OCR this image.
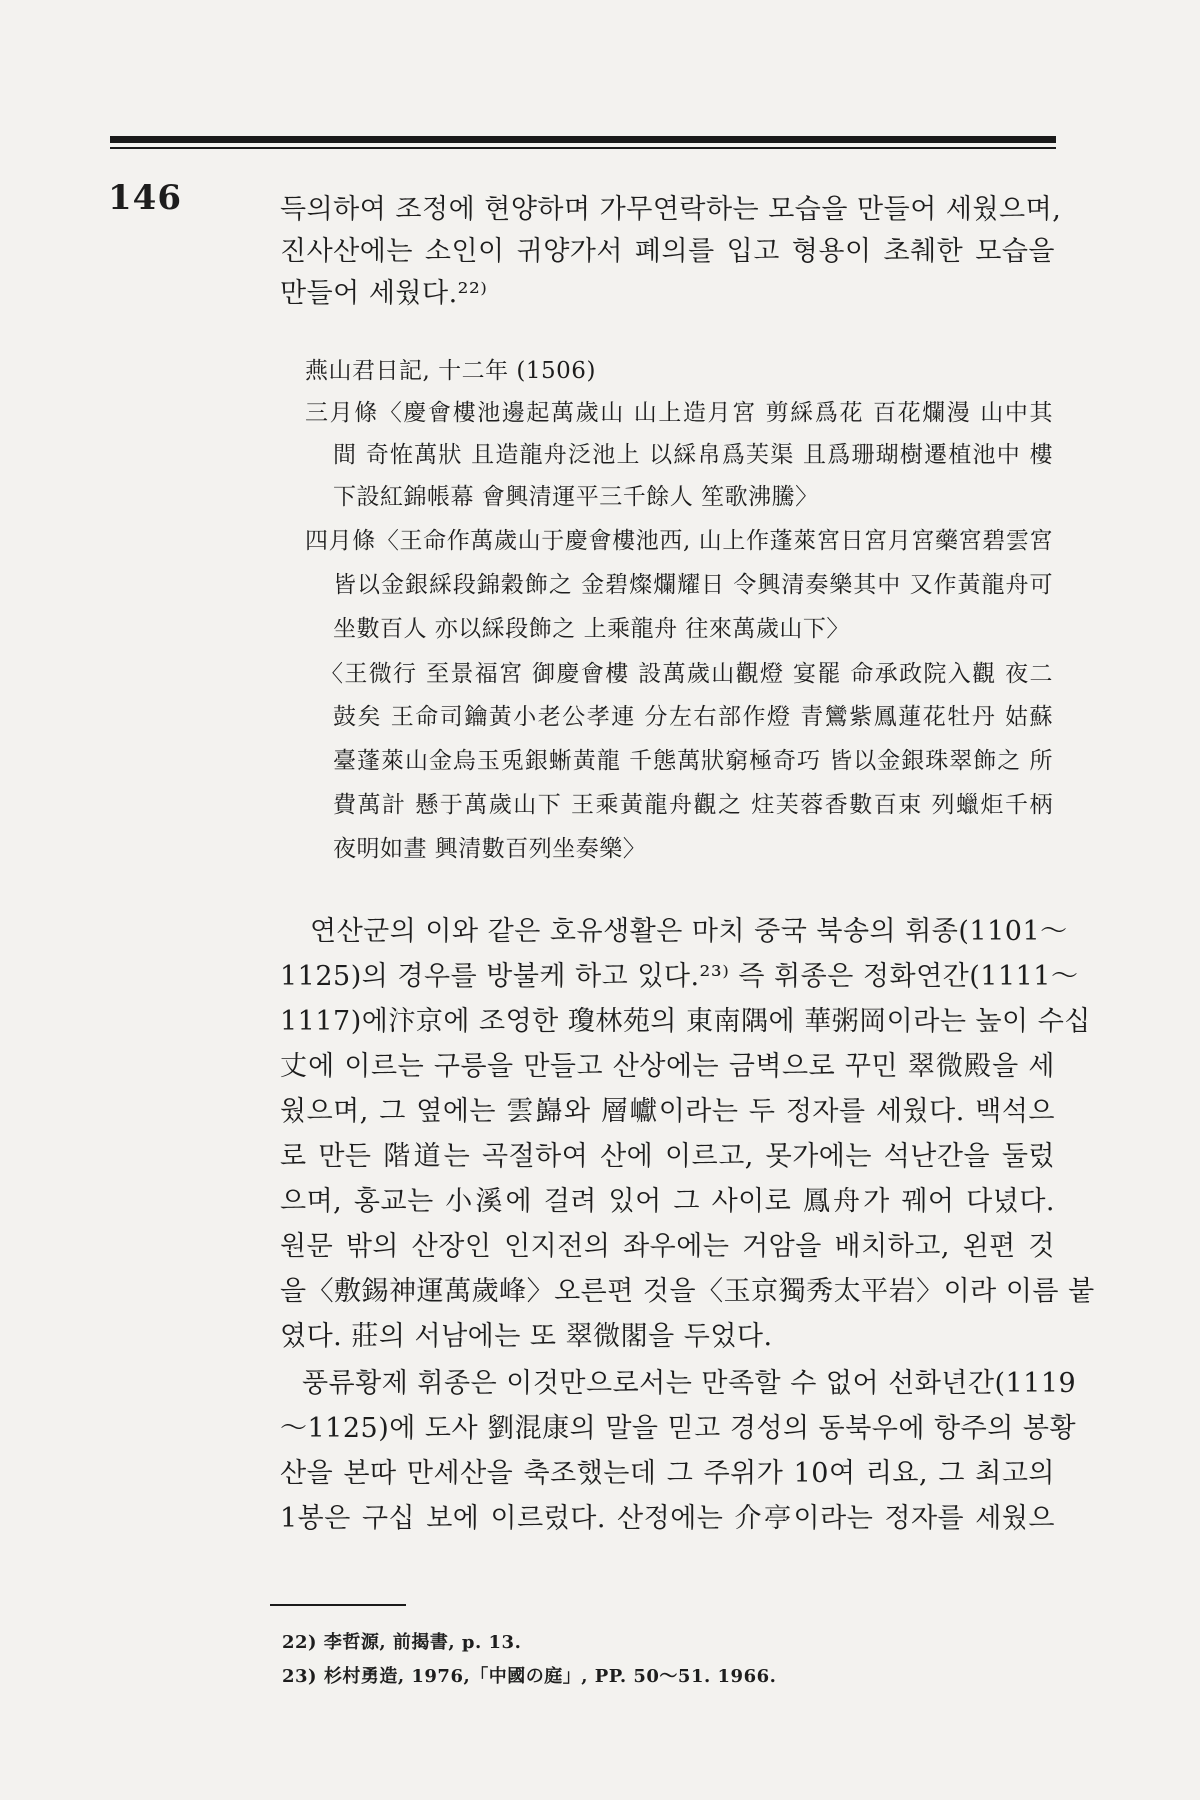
146	득의하여 조정에 현양하며 가무연락하는 모습을 만들어 세웠으며,
진사산에는 소인이 귀양가서 폐의를 입고 형용이 초췌한 모습을
만들어 세웠다.²²⁾
燕山君日記, 十二年 (1506)
三月條〈慶會樓池邊起萬歲山 山上造月宮 剪綵爲花 百花爛漫 山中其
間 奇恠萬狀 且造龍舟泛池上 以綵帛爲芙渠 且爲珊瑚樹遷植池中 樓
下設紅錦帳幕 會興清運平三千餘人 笙歌沸騰〉
四月條〈王命作萬歲山于慶會樓池西, 山上作蓬萊宮日宮月宮藥宮碧雲宮
皆以金銀綵段錦穀飾之 金碧燦爛耀日 令興清奏樂其中 又作黃龍舟可
坐數百人 亦以綵段飾之 上乘龍舟 往來萬歲山下〉
〈王微行 至景福宮 御慶會樓 設萬歲山觀燈 宴罷 命承政院入觀 夜二
鼓矣 王命司鑰黃小老公孝連 分左右部作燈 青鸞紫鳳蓮花牡丹 姑蘇
臺蓬萊山金烏玉兎銀蜥黃龍 千態萬狀窮極奇巧 皆以金銀珠翠飾之 所
費萬計 懸于萬歲山下 王乘黃龍舟觀之 炷芙蓉香數百束 列蠟炬千柄
夜明如晝 興清數百列坐奏樂〉
연산군의 이와 같은 호유생활은 마치 중국 북송의 휘종(1101～
1125)의 경우를 방불케 하고 있다.²³⁾ 즉 휘종은 정화연간(1111～
1117)에汴京에 조영한 瓊林苑의 東南隅에 華粥岡이라는 높이 수십
丈에 이르는 구릉을 만들고 산상에는 금벽으로 꾸민 翠微殿을 세
웠으며, 그 옆에는 雲巋와 層巘이라는 두 정자를 세웠다. 백석으
로 만든 階道는 곡절하여 산에 이르고, 못가에는 석난간을 둘렀
으며, 홍교는 小溪에 걸려 있어 그 사이로 鳳舟가 꿰어 다녔다.
원문 밖의 산장인 인지전의 좌우에는 거암을 배치하고, 왼편 것
을〈敷錫神運萬歲峰〉오른편 것을〈玉京獨秀太平岩〉이라 이름 붙
였다. 莊의 서남에는 또 翠微閣을 두었다.
풍류황제 휘종은 이것만으로서는 만족할 수 없어 선화년간(1119
～1125)에 도사 劉混康의 말을 믿고 경성의 동북우에 항주의 봉황
산을 본따 만세산을 축조했는데 그 주위가 10여 리요, 그 최고의
1봉은 구십 보에 이르렀다. 산정에는 介亭이라는 정자를 세웠으
22) 李哲源, 前揭書, p. 13.
23) 杉村勇造, 1976,「中國の庭」, PP. 50～51. 1966.
